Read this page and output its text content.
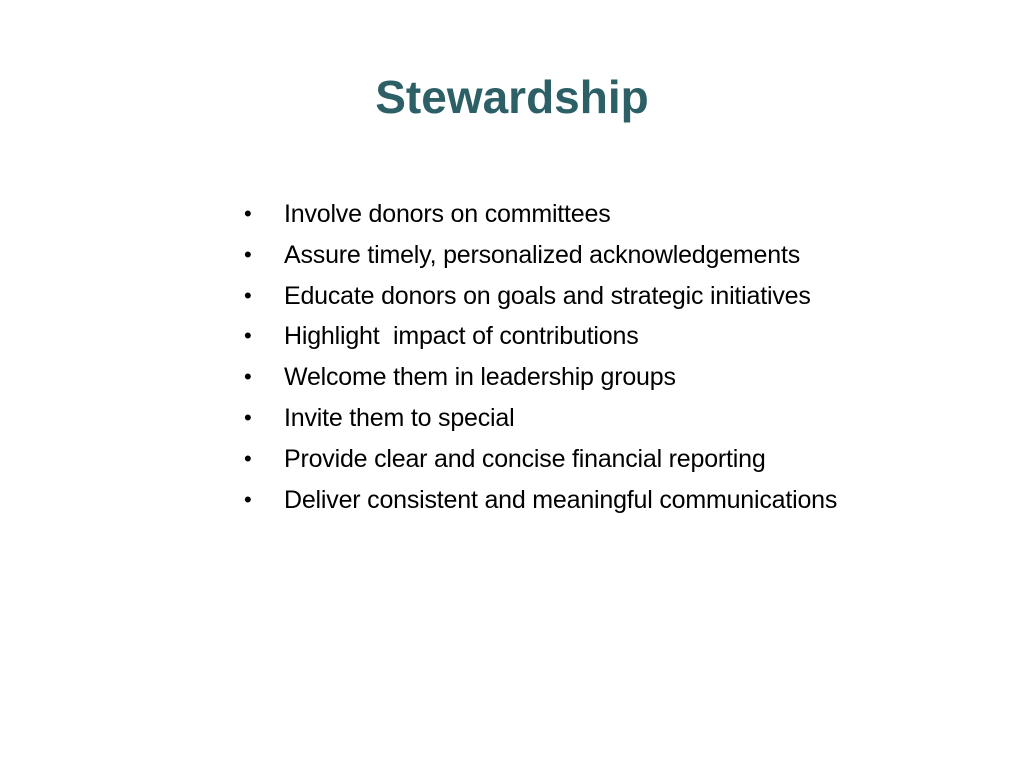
Stewardship
• Involve donors on committees
• Assure timely, personalized acknowledgements
• Educate donors on goals and strategic initiatives
• Highlight  impact of contributions
• Welcome them in leadership groups
• Invite them to special
• Provide clear and concise financial reporting
• Deliver consistent and meaningful communications
